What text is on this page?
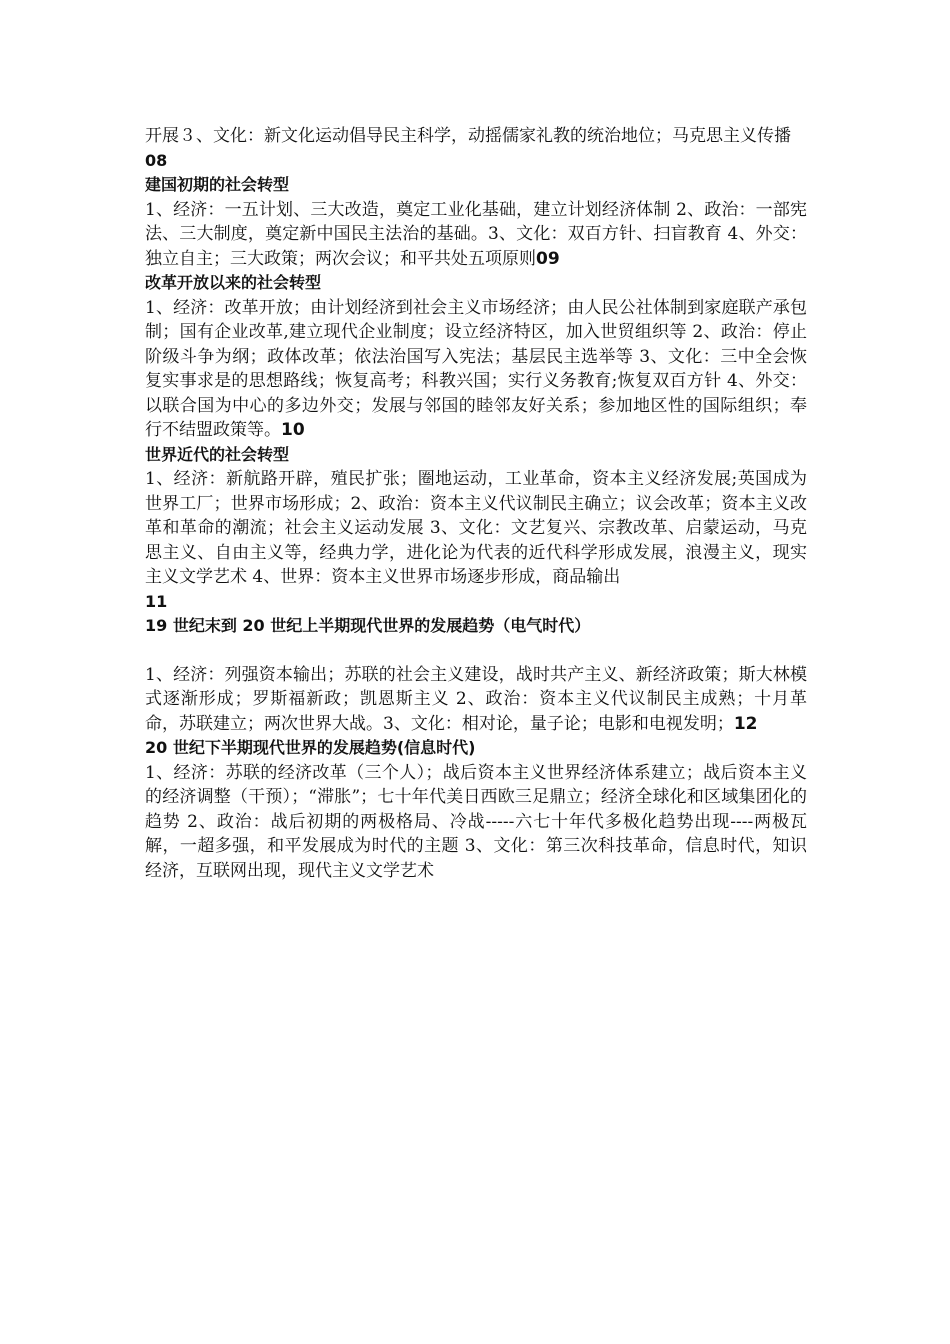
开展３、文化：新文化运动倡导民主科学，动摇儒家礼教的统治地位；马克思主义传播

08

建国初期的社会转型

1、经济：一五计划、三大改造，奠定工业化基础，建立计划经济体制 2、政治：一部宪法、三大制度，奠定新中国民主法治的基础。3、文化：双百方针、扫盲教育 4、外交：独立自主；三大政策；两次会议；和平共处五项原则09

改革开放以来的社会转型

1、经济：改革开放；由计划经济到社会主义市场经济；由人民公社体制到家庭联产承包制；国有企业改革,建立现代企业制度；设立经济特区，加入世贸组织等 2、政治：停止阶级斗争为纲；政体改革；依法治国写入宪法；基层民主选举等 3、文化：三中全会恢复实事求是的思想路线；恢复高考；科教兴国；实行义务教育;恢复双百方针 4、外交：以联合国为中心的多边外交；发展与邻国的睦邻友好关系；参加地区性的国际组织；奉行不结盟政策等。10

世界近代的社会转型

1、经济：新航路开辟，殖民扩张；圈地运动，工业革命，资本主义经济发展;英国成为世界工厂；世界市场形成；2、政治：资本主义代议制民主确立；议会改革；资本主义改革和革命的潮流；社会主义运动发展 3、文化：文艺复兴、宗教改革、启蒙运动，马克思主义、自由主义等，经典力学，进化论为代表的近代科学形成发展，浪漫主义，现实主义文学艺术 4、世界：资本主义世界市场逐步形成，商品输出

11

19 世纪末到 20 世纪上半期现代世界的发展趋势（电气时代）

1、经济：列强资本输出；苏联的社会主义建设，战时共产主义、新经济政策；斯大林模式逐渐形成；罗斯福新政；凯恩斯主义 2、政治：资本主义代议制民主成熟；十月革命，苏联建立；两次世界大战。3、文化：相对论，量子论；电影和电视发明；12

20 世纪下半期现代世界的发展趋势(信息时代)

1、经济：苏联的经济改革（三个人）；战后资本主义世界经济体系建立；战后资本主义的经济调整（干预）；“滞胀”；七十年代美日西欧三足鼎立；经济全球化和区域集团化的趋势 2、政治：战后初期的两极格局、冷战-----六七十年代多极化趋势出现----两极瓦解，一超多强，和平发展成为时代的主题 3、文化：第三次科技革命，信息时代，知识经济，互联网出现，现代主义文学艺术
